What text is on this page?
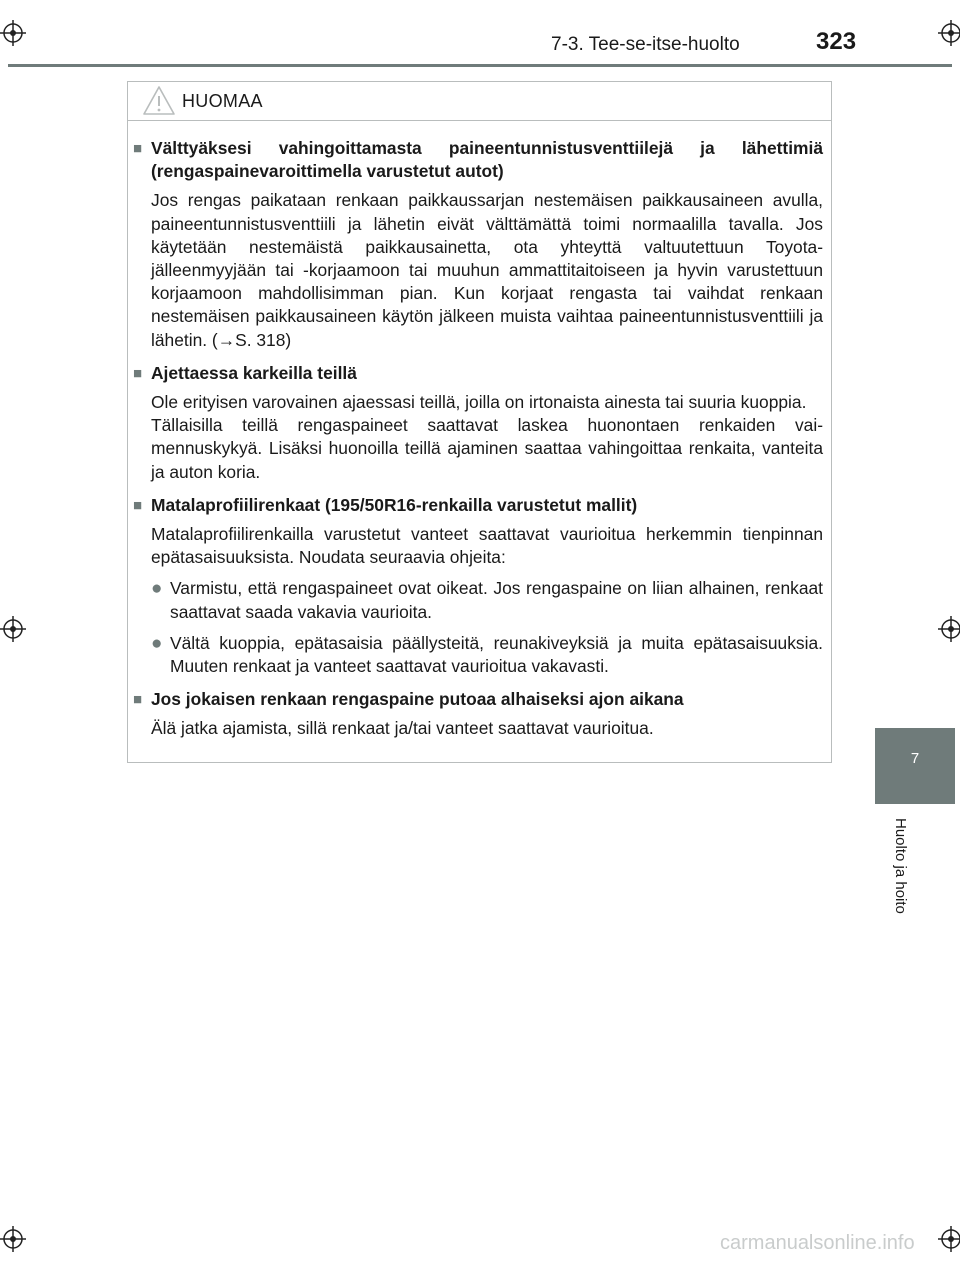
7-3. Tee-se-itse-huolto	323
7
Huolto ja hoito
HUOMAA
■ Välttyäksesi vahingoittamasta paineentunnistusventtiilejä ja lähettimiä (rengaspainevaroittimella varustetut autot)
Jos rengas paikataan renkaan paikkaussarjan nestemäisen paikkausaineen avulla, paineentunnistusventtiili ja lähetin eivät välttämättä toimi normaalilla tavalla. Jos käytetään nestemäistä paikkausainetta, ota yhteyttä valtuutettuun Toyota-jälleenmyyjään tai -korjaamoon tai muuhun ammattitaitoiseen ja hyvin varustettuun korjaamoon mahdollisimman pian. Kun korjaat rengasta tai vaihdat renkaan nestemäisen paikkausaineen käytön jälkeen muista vaihtaa paineentunnistusventtiili ja lähetin. (→S. 318)
■ Ajettaessa karkeilla teillä
Ole erityisen varovainen ajaessasi teillä, joilla on irtonaista ainesta tai suuria kuoppia.
Tällaisilla teillä rengaspaineet saattavat laskea huonontaen renkaiden vaimennuskykyä. Lisäksi huonoilla teillä ajaminen saattaa vahingoittaa renkaita, vanteita ja auton koria.
■ Matalaprofiilirenkaat (195/50R16-renkailla varustetut mallit)
Matalaprofiilirenkailla varustetut vanteet saattavat vaurioitua herkemmin tienpinnan epätasaisuuksista. Noudata seuraavia ohjeita:
● Varmistu, että rengaspaineet ovat oikeat. Jos rengaspaine on liian alhainen, renkaat saattavat saada vakavia vaurioita.
● Vältä kuoppia, epätasaisia päällysteitä, reunakiveyksiä ja muita epätasaisuuksia. Muuten renkaat ja vanteet saattavat vaurioitua vakavasti.
■ Jos jokaisen renkaan rengaspaine putoaa alhaiseksi ajon aikana
Älä jatka ajamista, sillä renkaat ja/tai vanteet saattavat vaurioitua.
carmanualsonline.info
